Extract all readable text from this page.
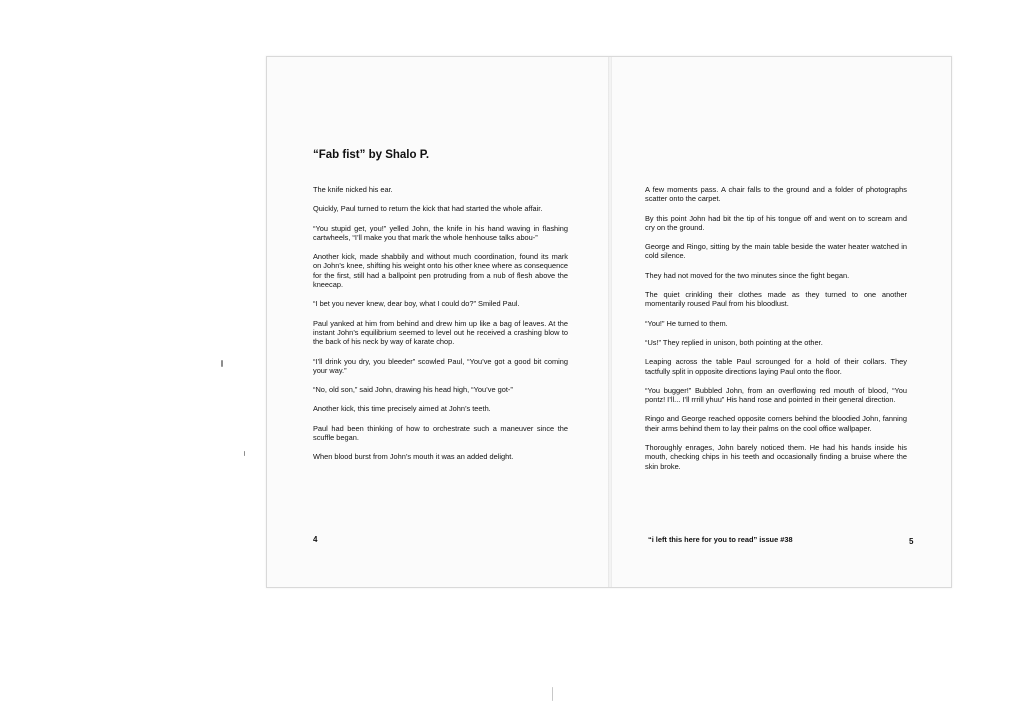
“Fab fist” by Shalo P.

The knife nicked his ear.

Quickly, Paul turned to return the kick that had started the whole affair.

“You stupid get, you!” yelled John, the knife in his hand waving in flashing cartwheels, “I’ll make you that mark the whole henhouse talks abou-”

Another kick, made shabbily and without much coordination, found its mark on John’s knee, shifting his weight onto his other knee where as consequence for the first, still had a ballpoint pen protruding from a nub of flesh above the kneecap.

“I bet you never knew, dear boy, what I could do?” Smiled Paul.

Paul yanked at him from behind and drew him up like a bag of leaves. At the instant John’s equilibrium seemed to level out he received a crashing blow to the back of his neck by way of karate chop.

“I’ll drink you dry, you bleeder” scowled Paul, “You’ve got a good bit coming your way.”

“No, old son,” said John, drawing his head high, “You’ve got-”

Another kick, this time precisely aimed at John’s teeth.

Paul had been thinking of how to orchestrate such a maneuver since the scuffle began.

When blood burst from John’s mouth it was an added delight.

4

A few moments pass. A chair falls to the ground and a folder of photographs scatter onto the carpet.

By this point John had bit the tip of his tongue off and went on to scream and cry on the ground.

George and Ringo, sitting by the main table beside the water heater watched in cold silence.

They had not moved for the two minutes since the fight began.

The quiet crinkling their clothes made as they turned to one another momentarily roused Paul from his bloodlust.

“You!” He turned to them.

“Us!” They replied in unison, both pointing at the other.

Leaping across the table Paul scrounged for a hold of their collars. They tactfully split in opposite directions laying Paul onto the floor.

“You bugger!” Bubbled John, from an overflowing red mouth of blood, “You pontz! I’ll... I’ll rrrill yhuu” His hand rose and pointed in their general direction.

Ringo and George reached opposite corners behind the bloodied John, fanning their arms behind them to lay their palms on the cool office wallpaper.

Thoroughly enrages, John barely noticed them. He had his hands inside his mouth, checking chips in his teeth and occasionally finding a bruise where the skin broke.

“i left this here for you to read” issue #38	5
